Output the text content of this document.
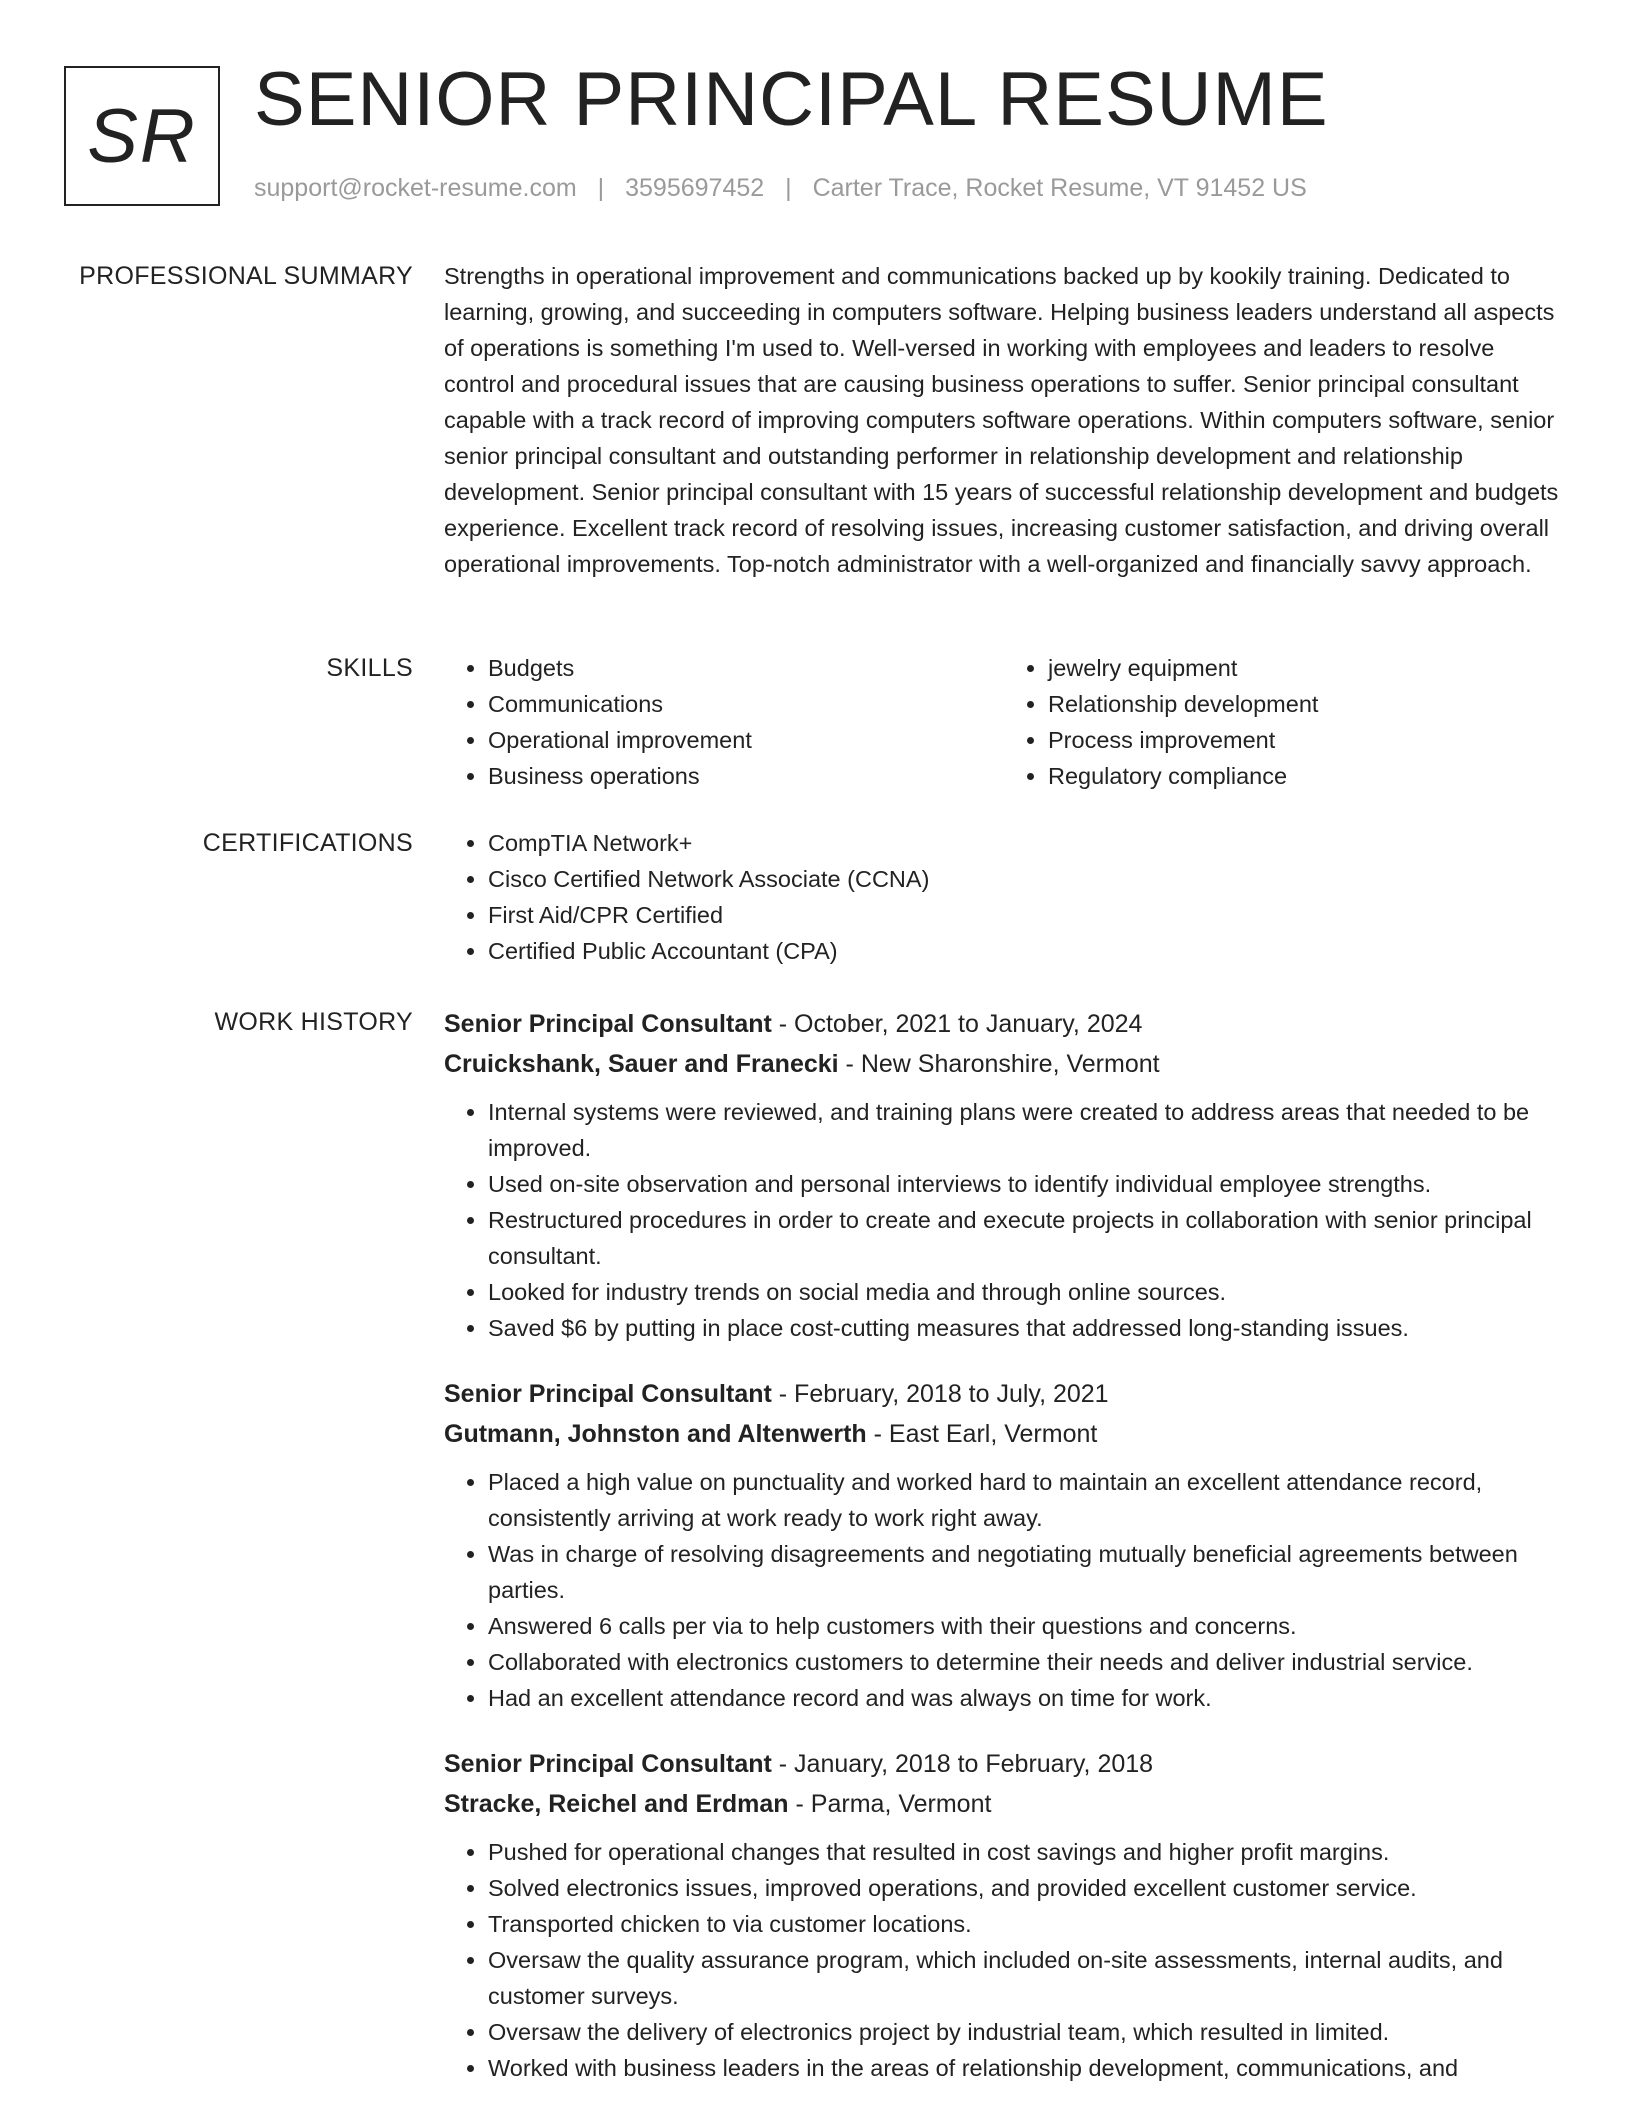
SR SENIOR PRINCIPAL RESUME
support@rocket-resume.com | 3595697452 | Carter Trace, Rocket Resume, VT 91452 US
PROFESSIONAL SUMMARY Strengths in operational improvement and communications backed up by kookily training. Dedicated to learning, growing, and succeeding in computers software. Helping business leaders understand all aspects of operations is something I'm used to. Well-versed in working with employees and leaders to resolve control and procedural issues that are causing business operations to suffer. Senior principal consultant capable with a track record of improving computers software operations. Within computers software, senior senior principal consultant and outstanding performer in relationship development and relationship development. Senior principal consultant with 15 years of successful relationship development and budgets experience. Excellent track record of resolving issues, increasing customer satisfaction, and driving overall operational improvements. Top-notch administrator with a well-organized and financially savvy approach.

SKILLS	• Budgets
• Communications
• Operational improvement
• Business operations
• jewelry equipment
• Relationship development
• Process improvement
• Regulatory compliance
CERTIFICATIONS	• CompTIA Network+
• Cisco Certified Network Associate (CCNA)
• First Aid/CPR Certified
• Certified Public Accountant (CPA)
WORK HISTORY Senior Principal Consultant - October, 2021 to January, 2024
Cruickshank, Sauer and Franecki - New Sharonshire, Vermont
• Internal systems were reviewed, and training plans were created to address areas that needed to be improved.
• Used on-site observation and personal interviews to identify individual employee strengths.
• Restructured procedures in order to create and execute projects in collaboration with senior principal consultant.
• Looked for industry trends on social media and through online sources.
• Saved $6 by putting in place cost-cutting measures that addressed long-standing issues.
Senior Principal Consultant - February, 2018 to July, 2021
Gutmann, Johnston and Altenwerth - East Earl, Vermont
• Placed a high value on punctuality and worked hard to maintain an excellent attendance record, consistently arriving at work ready to work right away.
• Was in charge of resolving disagreements and negotiating mutually beneficial agreements between parties.
• Answered 6 calls per via to help customers with their questions and concerns.
• Collaborated with electronics customers to determine their needs and deliver industrial service.
• Had an excellent attendance record and was always on time for work.
Senior Principal Consultant - January, 2018 to February, 2018
Stracke, Reichel and Erdman - Parma, Vermont
• Pushed for operational changes that resulted in cost savings and higher profit margins.
• Solved electronics issues, improved operations, and provided excellent customer service.
• Transported chicken to via customer locations.
• Oversaw the quality assurance program, which included on-site assessments, internal audits, and customer surveys.
• Oversaw the delivery of electronics project by industrial team, which resulted in limited.
• Worked with business leaders in the areas of relationship development, communications, and
